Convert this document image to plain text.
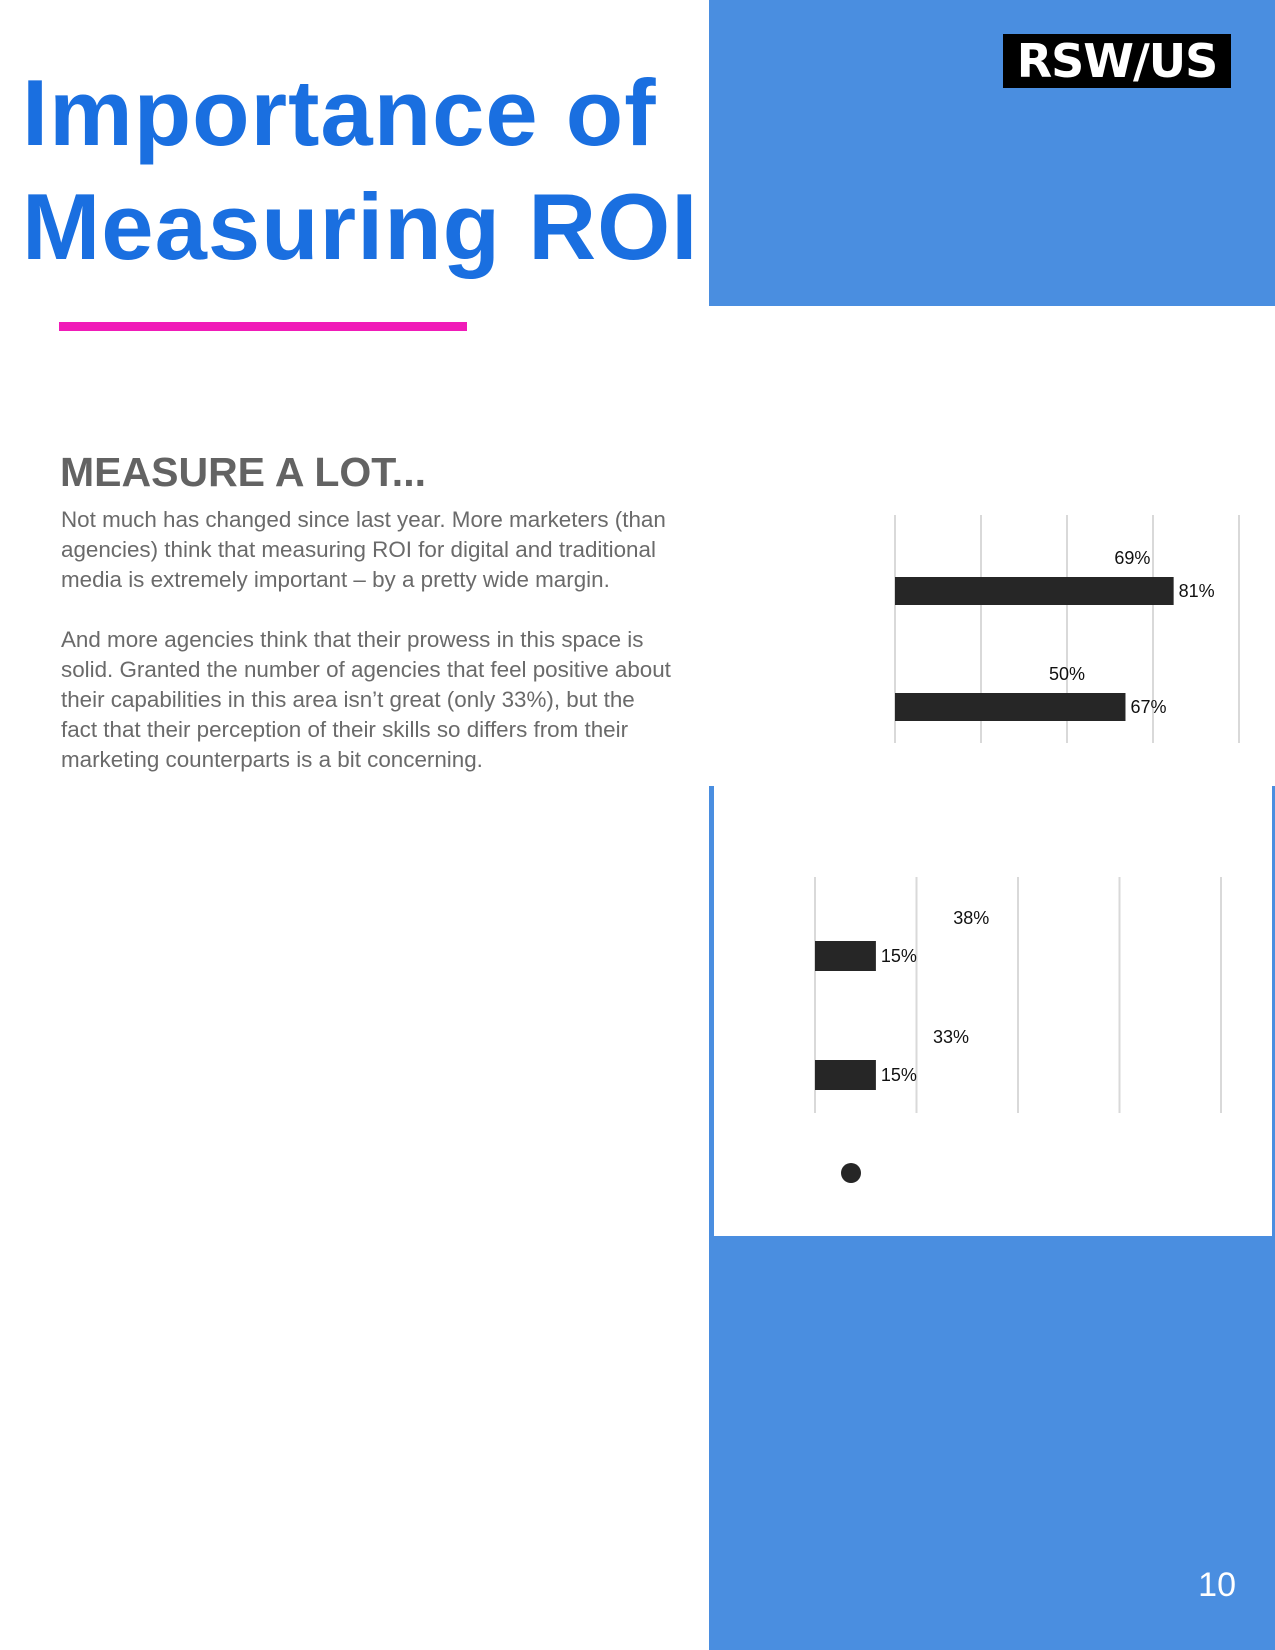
RSW/US
Importance of
Measuring ROI
MEASURE A LOT...

Not much has changed since last year. More marketers (than agencies) think that measuring ROI for digital and traditional media is extremely important – by a pretty wide margin.

And more agencies think that their prowess in this space is solid. Granted the number of agencies that feel positive about their capabilities in this area isn’t great (only 33%), but the fact that their perception of their skills so differs from their marketing counterparts is a bit concerning.

69%
81%
50%
67%
38%
15%
33%
15%
10
